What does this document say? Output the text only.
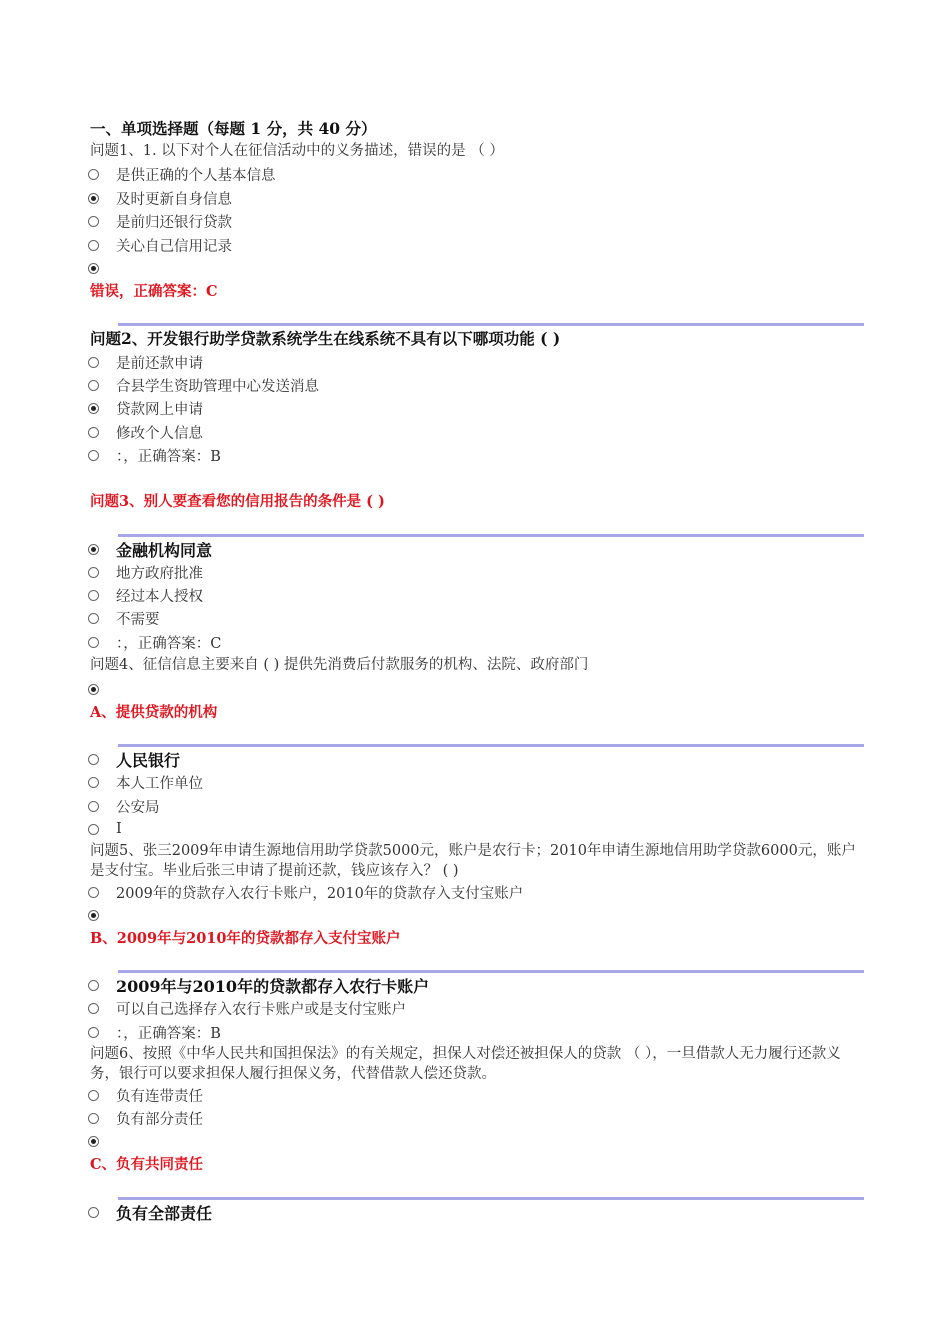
一、单项选择题（每题 1 分，共 40 分）
问题1、1. 以下对个人在征信活动中的义务描述，错误的是 （ ）
是供正确的个人基本信息
及时更新自身信息
是前归还银行贷款
关心自己信用记录
错误，正确答案：C
问题2、开发银行助学贷款系统学生在线系统不具有以下哪项功能 ( )
是前还款申请
合县学生资助管理中心发送消息
贷款网上申请
修改个人信息
：，正确答案：B
问题3、别人要查看您的信用报告的条件是 ( )
金融机构同意
地方政府批准
经过本人授权
不需要
：，正确答案：C
问题4、征信信息主要来自 ( ) 提供先消费后付款服务的机构、法院、政府部门
A、提供贷款的机构
人民银行
本人工作单位
公安局
I
问题5、张三2009年申请生源地信用助学贷款5000元，账户是农行卡；2010年申请生源地信用助学贷款6000元，账户是支付宝。毕业后张三申请了提前还款，钱应该存入？ ( )
2009年的贷款存入农行卡账户，2010年的贷款存入支付宝账户
B、2009年与2010年的贷款都存入支付宝账户
2009年与2010年的贷款都存入农行卡账户
可以自己选择存入农行卡账户或是支付宝账户
：，正确答案：B
问题6、按照《中华人民共和国担保法》的有关规定，担保人对偿还被担保人的贷款 （ ），一旦借款人无力履行还款义务，银行可以要求担保人履行担保义务，代替借款人偿还贷款。
负有连带责任
负有部分责任
C、负有共同责任
负有全部责任
